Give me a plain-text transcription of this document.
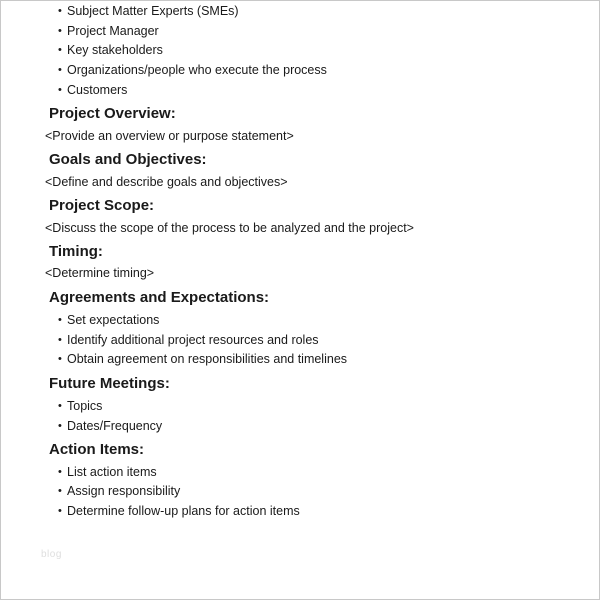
• Subject Matter Experts (SMEs)
• Project Manager
• Key stakeholders
• Organizations/people who execute the process
• Customers
Project Overview:
<Provide an overview or purpose statement>
Goals and Objectives:
<Define and describe goals and objectives>
Project Scope:
<Discuss the scope of the process to be analyzed and the project>
Timing:
<Determine timing>
Agreements and Expectations:
• Set expectations
• Identify additional project resources and roles
• Obtain agreement on responsibilities and timelines
Future Meetings:
• Topics
• Dates/Frequency
Action Items:
• List action items
• Assign responsibility
• Determine follow-up plans for action items
blog
